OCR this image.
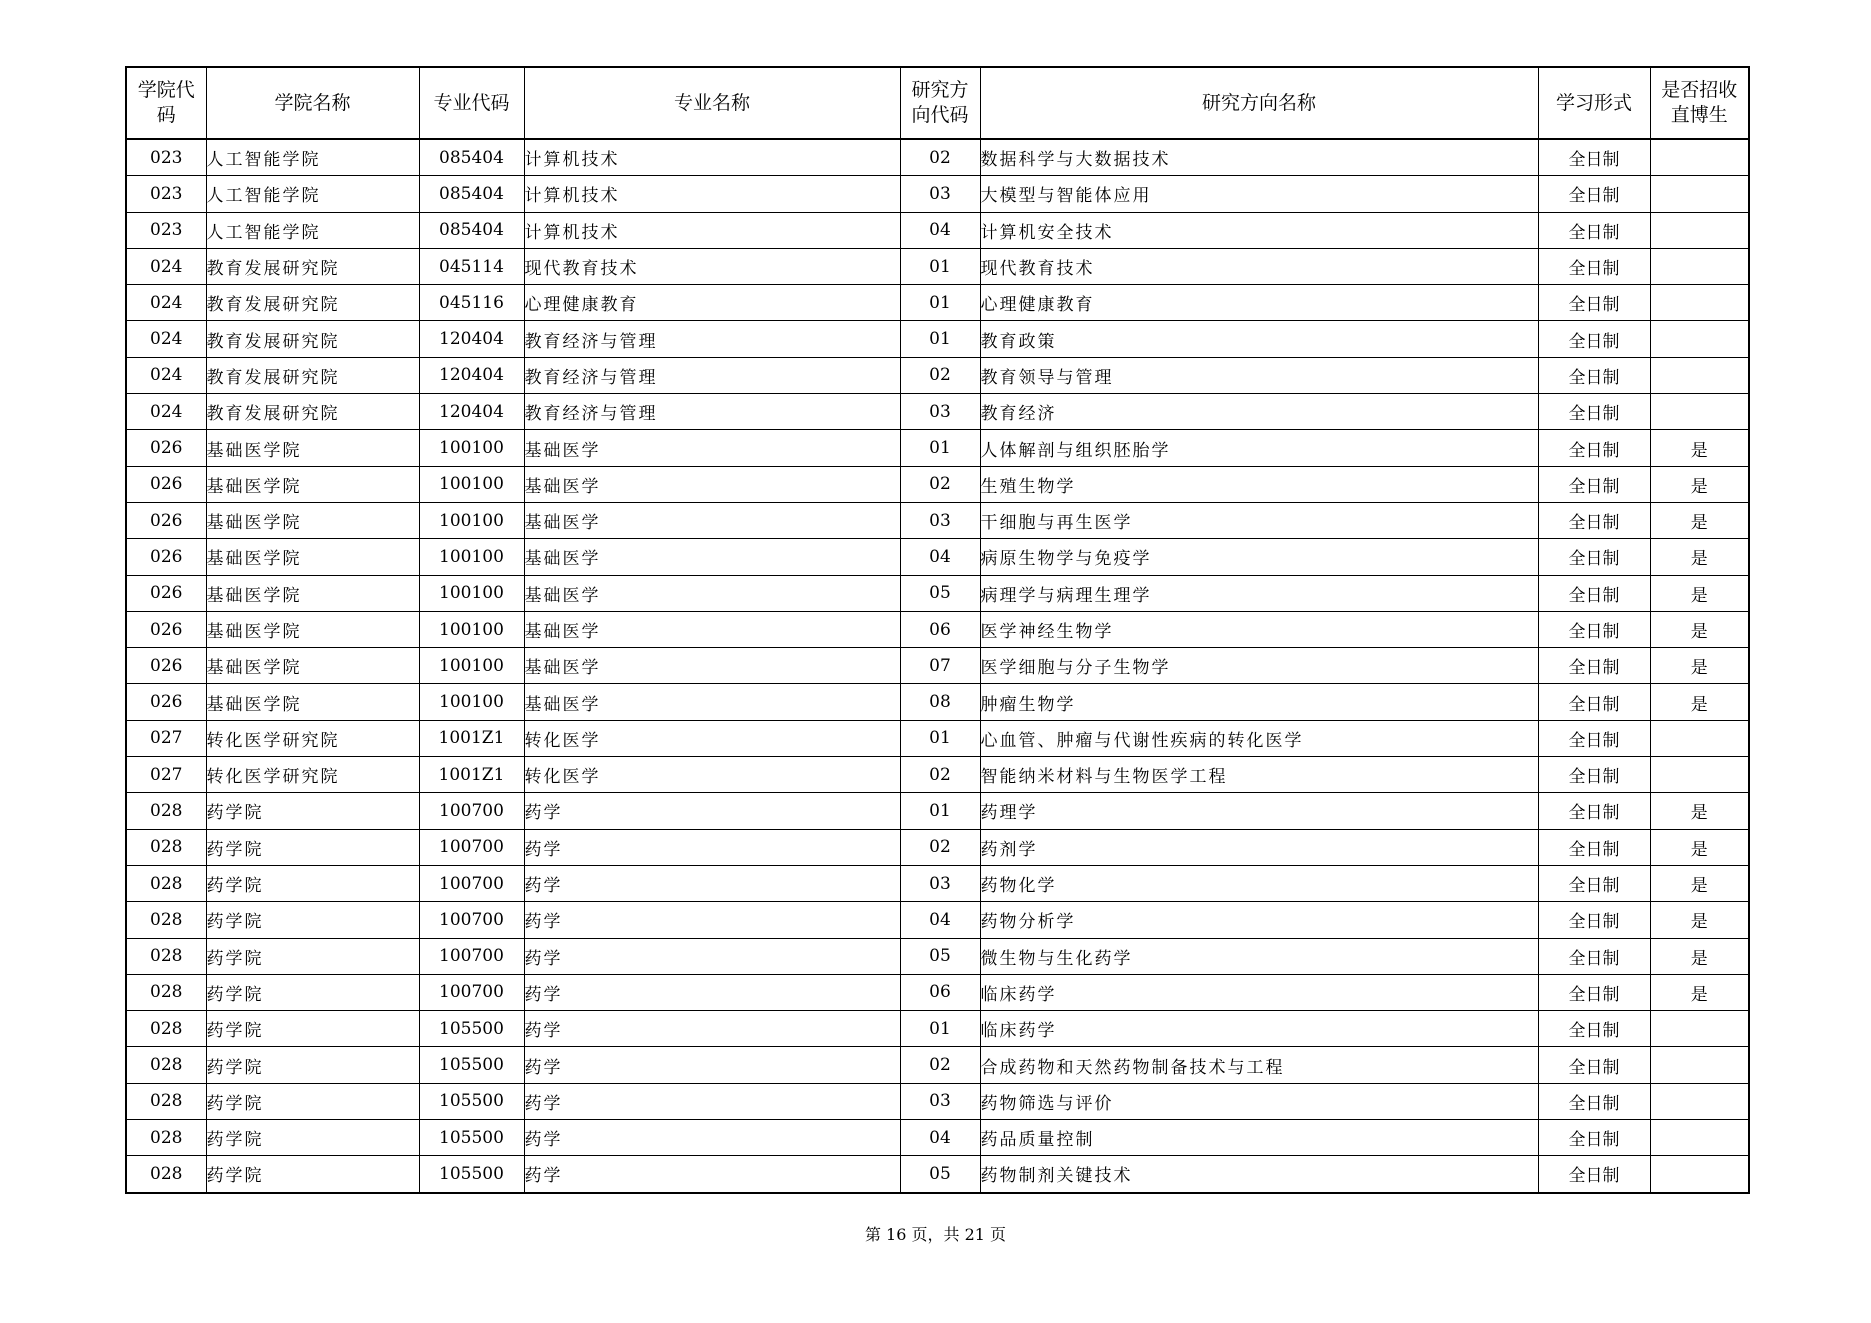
学院代码	学院名称	专业代码	专业名称	研究方向代码	研究方向名称	学习形式	是否招收直博生
023	人工智能学院	085404	计算机技术	02	数据科学与大数据技术	全日制	
023	人工智能学院	085404	计算机技术	03	大模型与智能体应用	全日制	
023	人工智能学院	085404	计算机技术	04	计算机安全技术	全日制	
024	教育发展研究院	045114	现代教育技术	01	现代教育技术	全日制	
024	教育发展研究院	045116	心理健康教育	01	心理健康教育	全日制	
024	教育发展研究院	120404	教育经济与管理	01	教育政策	全日制	
024	教育发展研究院	120404	教育经济与管理	02	教育领导与管理	全日制	
024	教育发展研究院	120404	教育经济与管理	03	教育经济	全日制	
026	基础医学院	100100	基础医学	01	人体解剖与组织胚胎学	全日制	是
026	基础医学院	100100	基础医学	02	生殖生物学	全日制	是
026	基础医学院	100100	基础医学	03	干细胞与再生医学	全日制	是
026	基础医学院	100100	基础医学	04	病原生物学与免疫学	全日制	是
026	基础医学院	100100	基础医学	05	病理学与病理生理学	全日制	是
026	基础医学院	100100	基础医学	06	医学神经生物学	全日制	是
026	基础医学院	100100	基础医学	07	医学细胞与分子生物学	全日制	是
026	基础医学院	100100	基础医学	08	肿瘤生物学	全日制	是
027	转化医学研究院	1001Z1	转化医学	01	心血管、肿瘤与代谢性疾病的转化医学	全日制	
027	转化医学研究院	1001Z1	转化医学	02	智能纳米材料与生物医学工程	全日制	
028	药学院	100700	药学	01	药理学	全日制	是
028	药学院	100700	药学	02	药剂学	全日制	是
028	药学院	100700	药学	03	药物化学	全日制	是
028	药学院	100700	药学	04	药物分析学	全日制	是
028	药学院	100700	药学	05	微生物与生化药学	全日制	是
028	药学院	100700	药学	06	临床药学	全日制	是
028	药学院	105500	药学	01	临床药学	全日制	
028	药学院	105500	药学	02	合成药物和天然药物制备技术与工程	全日制	
028	药学院	105500	药学	03	药物筛选与评价	全日制	
028	药学院	105500	药学	04	药品质量控制	全日制	
028	药学院	105500	药学	05	药物制剂关键技术	全日制	
第 16 页，共 21 页
